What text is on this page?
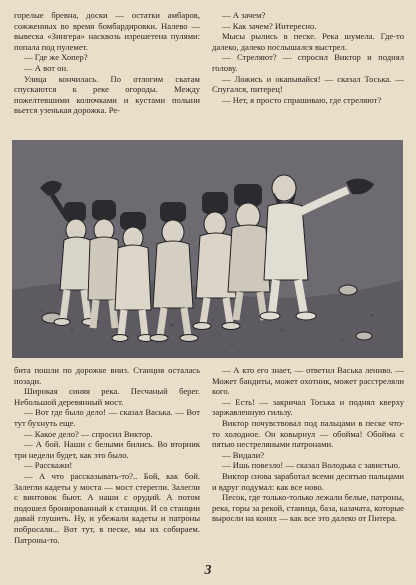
горелые бревна, доски — остатки амбаров, сожженных во время бомбардировки. Налево — вывеска «Зингера» насквозь изрешетена пулями: попала под пулемет.

— Где же Хопер?

— А вот он.

Улица кончилась. По отлогим скатам спускаются к реке огороды. Между пожелтевшими колючками и кустами полыни вьется узенькая дорожка. Ре-

— А зачем?

— Как зачем? Интересно.

Мысы рылись в песке. Река шумела. Где-то далеко, далеко послышался выстрел.

— Стреляют? — спросил Виктор и поднял голову.

— Ложись и окапывайся! — сказал Тоська. — Спугался, питерец!

— Нет, я просто спрашиваю, где стреляют?

бита пошли по дорожке вниз. Станция осталась позади.

Широкая синяя река. Песчаный берег. Небольшой деревянный мост.

— Вот где было дело! — сказал Васька. — Вот тут бухнуть еще.

— Какое дело? — спросил Виктор.

— А бой. Наши с белыми бились. Во вторник три недели будет, как это было.

— Расскажи!

— А что рассказывать-то?.. Бой, как бой. Залегли кадеты у моста — мост стерегли. Залегли с винтовок бьют. А наши с орудий. А потом подошел бронированный к станции. И со станции давай глушить. Ну, и убежали кадеты и патроны побросали... Вот тут, в песке, мы их собираем. Патроны-то.

— А кто его знает, — ответил Васька лениво. — Может бандиты, может охотник, может расстреляли кого.

— Есть! — закричал Тоська и поднял кверху заржавленную гильзу.

Виктор почувствовал под пальцами в песке что-то холодное. Он ковырнул — обойма! Обойма с пятью нестреляными патронами.

— Видали?

— Ишь повезло! — сказал Володька с завистью.

Виктор снова заработал всеми десятью пальцами и вдруг подумал: как все ново.

Песок, где только-только лежали белые, патроны, река, горы за рекой, станица, база, казачата, которые выросли на конях — как все это далеко от Питера.

3
